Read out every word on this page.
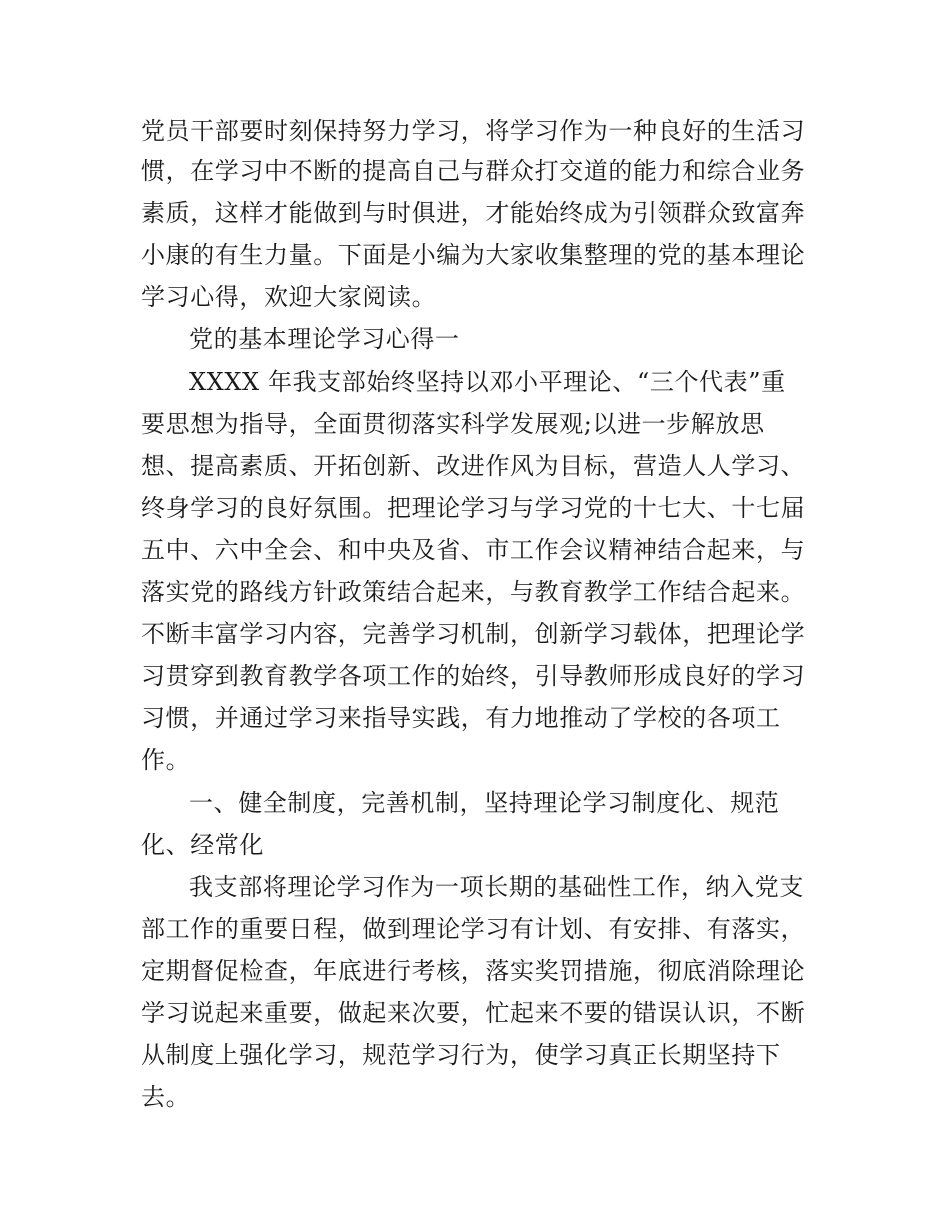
党员干部要时刻保持努力学习，将学习作为一种良好的生活习
惯，在学习中不断的提高自己与群众打交道的能力和综合业务
素质，这样才能做到与时俱进，才能始终成为引领群众致富奔
小康的有生力量。下面是小编为大家收集整理的党的基本理论
学习心得，欢迎大家阅读。
党的基本理论学习心得一
XXXX 年我支部始终坚持以邓小平理论、“三个代表”重
要思想为指导，全面贯彻落实科学发展观;以进一步解放思
想、提高素质、开拓创新、改进作风为目标，营造人人学习、
终身学习的良好氛围。把理论学习与学习党的十七大、十七届
五中、六中全会、和中央及省、市工作会议精神结合起来，与
落实党的路线方针政策结合起来，与教育教学工作结合起来。
不断丰富学习内容，完善学习机制，创新学习载体，把理论学
习贯穿到教育教学各项工作的始终，引导教师形成良好的学习
习惯，并通过学习来指导实践，有力地推动了学校的各项工
作。
一、健全制度，完善机制，坚持理论学习制度化、规范
化、经常化
我支部将理论学习作为一项长期的基础性工作，纳入党支
部工作的重要日程，做到理论学习有计划、有安排、有落实，
定期督促检查，年底进行考核，落实奖罚措施，彻底消除理论
学习说起来重要，做起来次要，忙起来不要的错误认识，不断
从制度上强化学习，规范学习行为，使学习真正长期坚持下
去。
